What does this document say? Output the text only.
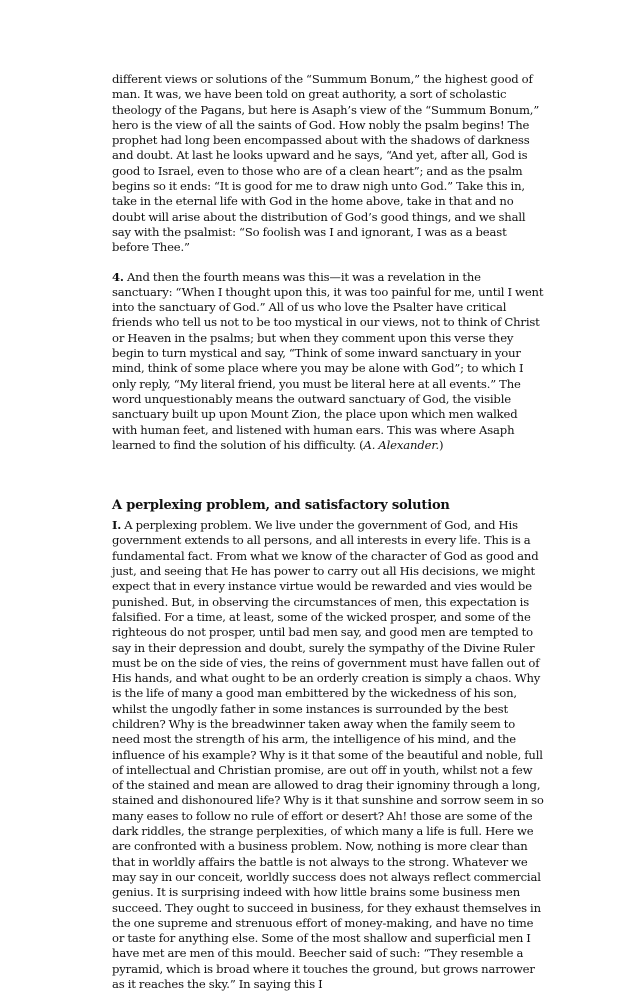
different views or solutions of the “Summum Bonum,” the highest good of man. It was, we have been told on great authority, a sort of scholastic theology of the Pagans, but here is Asaph’s view of the “Summum Bonum,” hero is the view of all the saints of God. How nobly the psalm begins! The prophet had long been encompassed about with the shadows of darkness and doubt. At last he looks upward and he says, “And yet, after all, God is good to Israel, even to those who are of a clean heart”; and as the psalm begins so it ends: “It is good for me to draw nigh unto God.” Take this in, take in the eternal life with God in the home above, take in that and no doubt will arise about the distribution of God’s good things, and we shall say with the psalmist: “So foolish was I and ignorant, I was as a beast before Thee.”

4. And then the fourth means was this—it was a revelation in the sanctuary: “When I thought upon this, it was too painful for me, until I went into the sanctuary of God.” All of us who love the Psalter have critical friends who tell us not to be too mystical in our views, not to think of Christ or Heaven in the psalms; but when they comment upon this verse they begin to turn mystical and say, “Think of some inward sanctuary in your mind, think of some place where you may be alone with God”; to which I only reply, “My literal friend, you must be literal here at all events.” The word unquestionably means the outward sanctuary of God, the visible sanctuary built up upon Mount Zion, the place upon which men walked with human feet, and listened with human ears. This was where Asaph learned to find the solution of his difficulty. (A. Alexander.)

A perplexing problem, and satisfactory solution

I. A perplexing problem. We live under the government of God, and His government extends to all persons, and all interests in every life. This is a fundamental fact. From what we know of the character of God as good and just, and seeing that He has power to carry out all His decisions, we might expect that in every instance virtue would be rewarded and vies would be punished. But, in observing the circumstances of men, this expectation is falsified. For a time, at least, some of the wicked prosper, and some of the righteous do not prosper, until bad men say, and good men are tempted to say in their depression and doubt, surely the sympathy of the Divine Ruler must be on the side of vies, the reins of government must have fallen out of His hands, and what ought to be an orderly creation is simply a chaos. Why is the life of many a good man embittered by the wickedness of his son, whilst the ungodly father in some instances is surrounded by the best children? Why is the breadwinner taken away when the family seem to need most the strength of his arm, the intelligence of his mind, and the influence of his example? Why is it that some of the beautiful and noble, full of intellectual and Christian promise, are out off in youth, whilst not a few of the stained and mean are allowed to drag their ignominy through a long, stained and dishonoured life? Why is it that sunshine and sorrow seem in so many eases to follow no rule of effort or desert? Ah! those are some of the dark riddles, the strange perplexities, of which many a life is full. Here we are confronted with a business problem. Now, nothing is more clear than that in worldly affairs the battle is not always to the strong. Whatever we may say in our conceit, worldly success does not always reflect commercial genius. It is surprising indeed with how little brains some business men succeed. They ought to succeed in business, for they exhaust themselves in the one supreme and strenuous effort of money-making, and have no time or taste for anything else. Some of the most shallow and superficial men I have met are men of this mould. Beecher said of such: “They resemble a pyramid, which is broad where it touches the ground, but grows narrower as it reaches the sky.” In saying this I
